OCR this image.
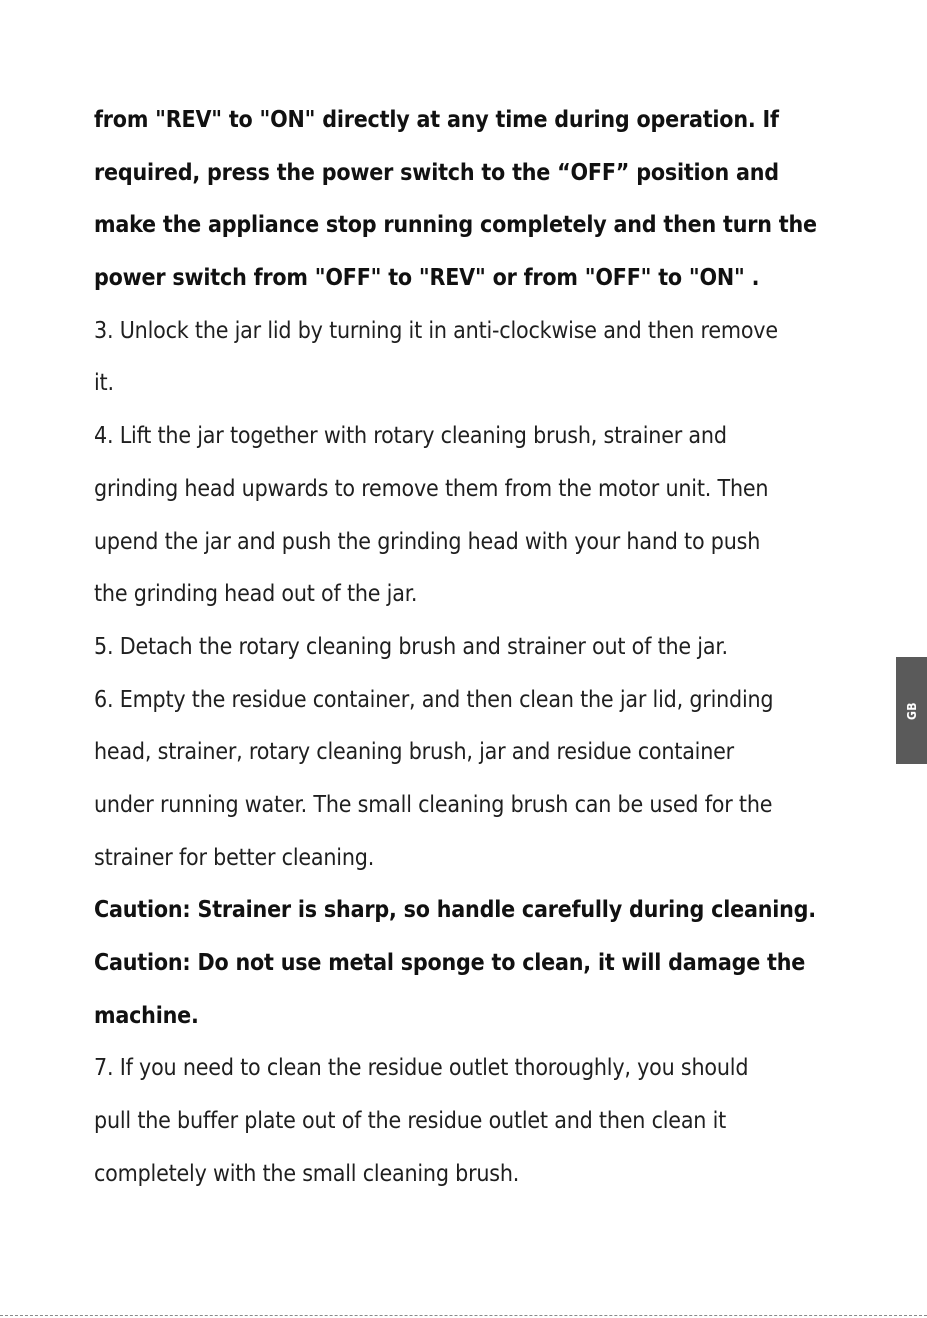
from "REV" to "ON" directly at any time during operation. If
required, press the power switch to the “OFF” position and
make the appliance stop running completely and then turn the
power switch from "OFF" to "REV" or from "OFF" to "ON" .
3. Unlock the jar lid by turning it in anti-clockwise and then remove
it.
4. Lift the jar together with rotary cleaning brush, strainer and
grinding head upwards to remove them from the motor unit. Then
upend the jar and push the grinding head with your hand to push
the grinding head out of the jar.
5. Detach the rotary cleaning brush and strainer out of the jar.
6. Empty the residue container, and then clean the jar lid, grinding
head, strainer, rotary cleaning brush, jar and residue container
under running water. The small cleaning brush can be used for the
strainer for better cleaning.
Caution: Strainer is sharp, so handle carefully during cleaning.
Caution: Do not use metal sponge to clean, it will damage the
machine.
7. If you need to clean the residue outlet thoroughly, you should
pull the buffer plate out of the residue outlet and then clean it
completely with the small cleaning brush.
GB
